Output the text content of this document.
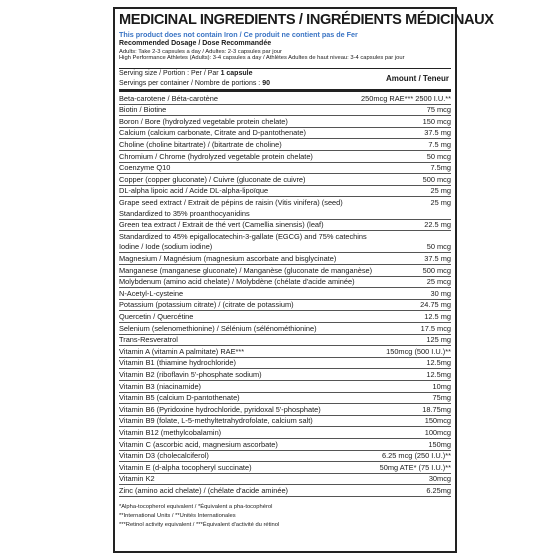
MEDICINAL INGREDIENTS / INGRÉDIENTS MÉDICINAUX
This product does not contain Iron / Ce produit ne contient pas de Fer
Recommended Dosage / Dose Recommandée
Adults: Take 2-3 capsules a day / Adultes: 2-3 capsules par jour
High Performance Athletes (Adults): 3-4 capsules a day / Athlètes Adultes de haut niveau: 3-4 capsules par jour
Serving size / Portion : Per / Par 1 capsule
Servings per container / Nombre de portions : 90	Amount / Teneur
Beta-carotene / Béta-carotène	250mcg RAE*** 2500 I.U.**
Biotin / Biotine	75 mcg
Boron / Bore (hydrolyzed vegetable protein chelate)	150 mcg
Calcium (calcium carbonate, Citrate and D-pantothenate)	37.5 mg
Choline (choline bitartrate) / (bitartrate de choline)	7.5 mg
Chromium / Chrome (hydrolyzed vegetable protein chelate)	50 mcg
Coenzyme Q10	7.5mg
Copper (copper gluconate) / Cuivre (gluconate de cuivre)	500 mcg
DL-alpha lipoic acid / Acide DL-alpha-lipoïque	25 mg
Grape seed extract / Extrait de pépins de raisin (Vitis vinifera) (seed)	25 mg
Standardized to 35% proanthocyanidins
Green tea extract / Extrait de thé vert (Camellia sinensis) (leaf)	22.5 mg
Standardized to 45% epigallocatechin-3-gallate (EGCG) and 75% catechins
Iodine / Iode (sodium iodine)	50 mcg
Magnesium / Magnésium (magnesium ascorbate and bisglycinate)	37.5 mg
Manganese (manganese gluconate) / Manganèse (gluconate de manganèse)	500 mcg
Molybdenum (amino acid chelate) / Molybdène (chélate d'acide aminée)	25 mcg
N-Acetyl-L-cysteine	30 mg
Potassium (potassium citrate) / (citrate de potassium)	24.75 mg
Quercetin / Quercétine	12.5 mg
Selenium (selenomethionine) / Sélénium (sélénométhionine)	17.5 mcg
Trans-Resveratrol	125 mg
Vitamin A (vitamin A palmitate) RAE***	150mcg (500 I.U.)**
Vitamin B1 (thiamine hydrochloride)	12.5mg
Vitamin B2 (riboflavin 5'-phosphate sodium)	12.5mg
Vitamin B3 (niacinamide)	10mg
Vitamin B5 (calcium D-pantothenate)	75mg
Vitamin B6 (Pyridoxine hydrochloride, pyridoxal 5'-phosphate)	18.75mg
Vitamin B9 (folate, L-5-methyltetrahydrofolate, calcium salt)	150mcg
Vitamin B12 (methylcobalamin)	100mcg
Vitamin C (ascorbic acid, magnesium ascorbate)	150mg
Vitamin D3 (cholecalciferol)	6.25 mcg (250 I.U.)**
Vitamin E (d-alpha tocopheryl succinate)	50mg ATE* (75 I.U.)**
Vitamin K2	30mcg
Zinc (amino acid chelate) / (chélate d'acide aminée)	6.25mg
*Alpha-tocopherol equivalent / *Équivalent a pha-tocophérol
**International Units / **Unités Internationales
***Retinol activity equivalent / ***Équivalent d'activité du rétinol
